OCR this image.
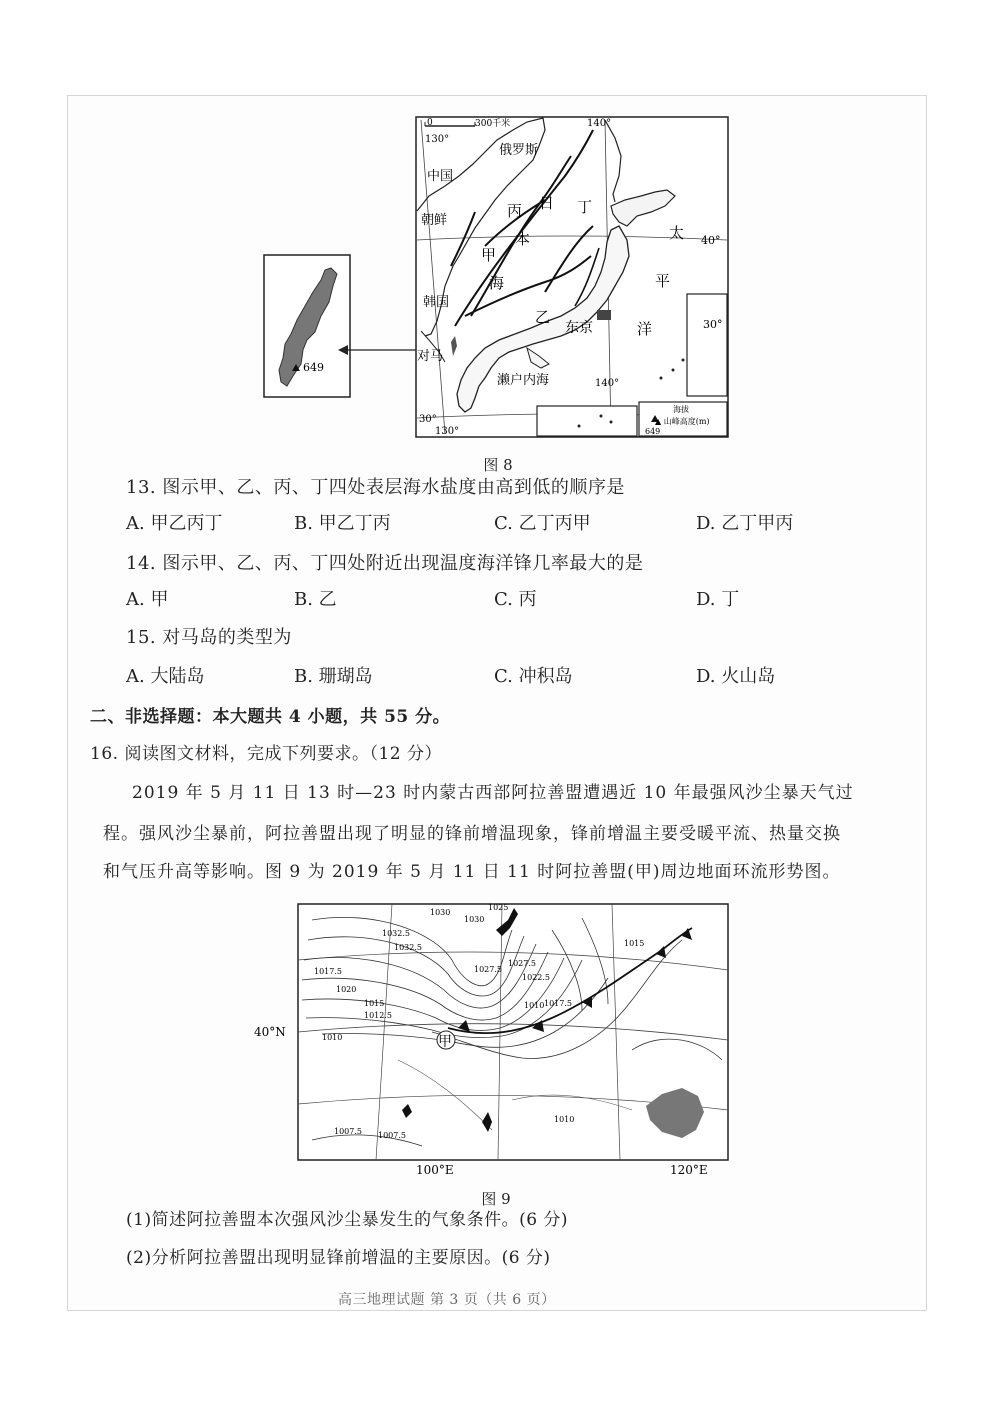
649
0	300千米
130°
140°
俄罗斯
中国
朝鲜
韩国
丙 日 丁
本
甲
海
乙
太 40°
平
洋	30°
东京
对马
濑户内海	140°
30°
130°
海拔
▲ 山峰高度(m)
649
图 8
13. 图示甲、乙、丙、丁四处表层海水盐度由高到低的顺序是
A. 甲乙丙丁	B. 甲乙丁丙	C. 乙丁丙甲	D. 乙丁甲丙
14. 图示甲、乙、丙、丁四处附近出现温度海洋锋几率最大的是
A. 甲	B. 乙	C. 丙	D. 丁
15. 对马岛的类型为
A. 大陆岛	B. 珊瑚岛	C. 冲积岛	D. 火山岛
二、非选择题：本大题共 4 小题，共 55 分。
16. 阅读图文材料，完成下列要求。（12 分）
2019 年 5 月 11 日 13 时—23 时内蒙古西部阿拉善盟遭遇近 10 年最强风沙尘暴天气过
程。强风沙尘暴前，阿拉善盟出现了明显的锋前增温现象，锋前增温主要受暖平流、热量交换
和气压升高等影响。图 9 为 2019 年 5 月 11 日 11 时阿拉善盟(甲)周边地面环流形势图。
甲
1030
1030
1025
1032.5
1032.5
1027.5
1022.5
1017.5
1020
1015
1012.5
1010
1010 1017.5
1015
1010
1007.5 1007.5
1027.5
40°N
100°E	120°E
图 9
(1)简述阿拉善盟本次强风沙尘暴发生的气象条件。(6 分)
(2)分析阿拉善盟出现明显锋前增温的主要原因。(6 分)
高三地理试题 第 3 页（共 6 页）
